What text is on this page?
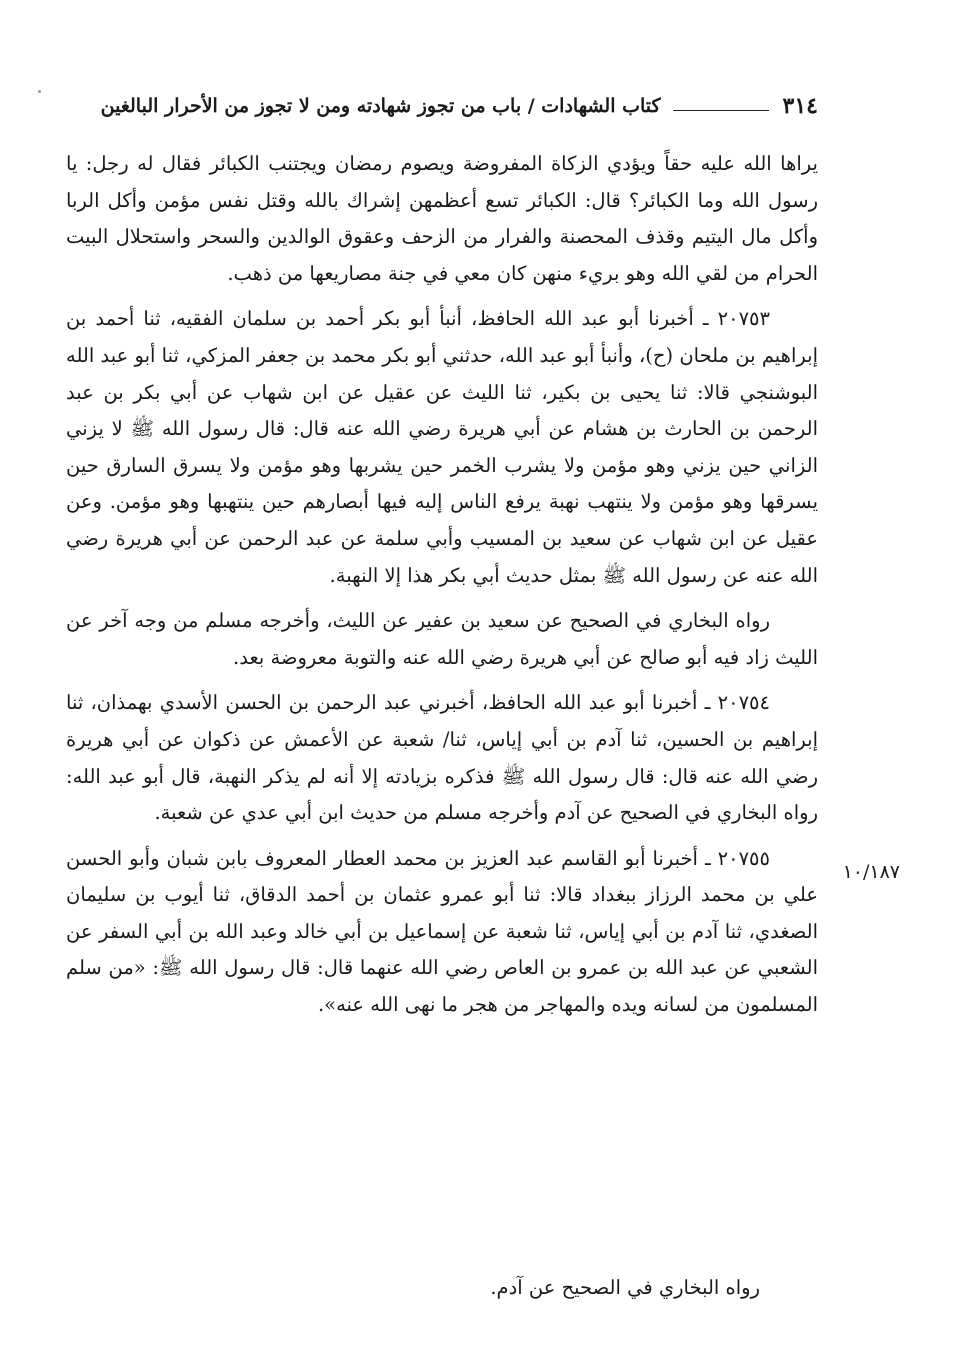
٣١٤
كتاب الشهادات / باب من تجوز شهادته ومن لا تجوز من الأحرار البالغين

يراها الله عليه حقاً ويؤدي الزكاة المفروضة ويصوم رمضان ويجتنب الكبائر فقال له رجل: يا رسول الله وما الكبائر؟ قال: الكبائر تسع أعظمهن إشراك بالله وقتل نفس مؤمن وأكل الربا وأكل مال اليتيم وقذف المحصنة والفرار من الزحف وعقوق الوالدين والسحر واستحلال البيت الحرام من لقي الله وهو بريء منهن كان معي في جنة مصاريعها من ذهب.

٢٠٧٥٣ ـ أخبرنا أبو عبد الله الحافظ، أنبأ أبو بكر أحمد بن سلمان الفقيه، ثنا أحمد بن إبراهيم بن ملحان (ح)، وأنبأ أبو عبد الله، حدثني أبو بكر محمد بن جعفر المزكي، ثنا أبو عبد الله البوشنجي قالا: ثنا يحيى بن بكير، ثنا الليث عن عقيل عن ابن شهاب عن أبي بكر بن عبد الرحمن بن الحارث بن هشام عن أبي هريرة رضي الله عنه قال: قال رسول الله ﷺ لا يزني الزاني حين يزني وهو مؤمن ولا يشرب الخمر حين يشربها وهو مؤمن ولا يسرق السارق حين يسرقها وهو مؤمن ولا ينتهب نهبة يرفع الناس إليه فيها أبصارهم حين ينتهبها وهو مؤمن. وعن عقيل عن ابن شهاب عن سعيد بن المسيب وأبي سلمة عن عبد الرحمن عن أبي هريرة رضي الله عنه عن رسول الله ﷺ بمثل حديث أبي بكر هذا إلا النهبة.

رواه البخاري في الصحيح عن سعيد بن عفير عن الليث، وأخرجه مسلم من وجه آخر عن الليث زاد فيه أبو صالح عن أبي هريرة رضي الله عنه والتوبة معروضة بعد.

٢٠٧٥٤ ـ أخبرنا أبو عبد الله الحافظ، أخبرني عبد الرحمن بن الحسن الأسدي بهمذان، ثنا إبراهيم بن الحسين، ثنا آدم بن أبي إياس، ثنا/ شعبة عن الأعمش عن ذكوان عن أبي هريرة رضي الله عنه قال: قال رسول الله ﷺ فذكره بزيادته إلا أنه لم يذكر النهبة، قال أبو عبد الله: رواه البخاري في الصحيح عن آدم وأخرجه مسلم من حديث ابن أبي عدي عن شعبة.

٢٠٧٥٥ ـ أخبرنا أبو القاسم عبد العزيز بن محمد العطار المعروف بابن شبان وأبو الحسن علي بن محمد الرزاز ببغداد قالا: ثنا أبو عمرو عثمان بن أحمد الدقاق، ثنا أيوب بن سليمان الصغدي، ثنا آدم بن أبي إياس، ثنا شعبة عن إسماعيل بن أبي خالد وعبد الله بن أبي السفر عن الشعبي عن عبد الله بن عمرو بن العاص رضي الله عنهما قال: قال رسول الله ﷺ: «من سلم المسلمون من لسانه ويده والمهاجر من هجر ما نهى الله عنه».

١٠/١٨٧
رواه البخاري في الصحيح عن آدم.
